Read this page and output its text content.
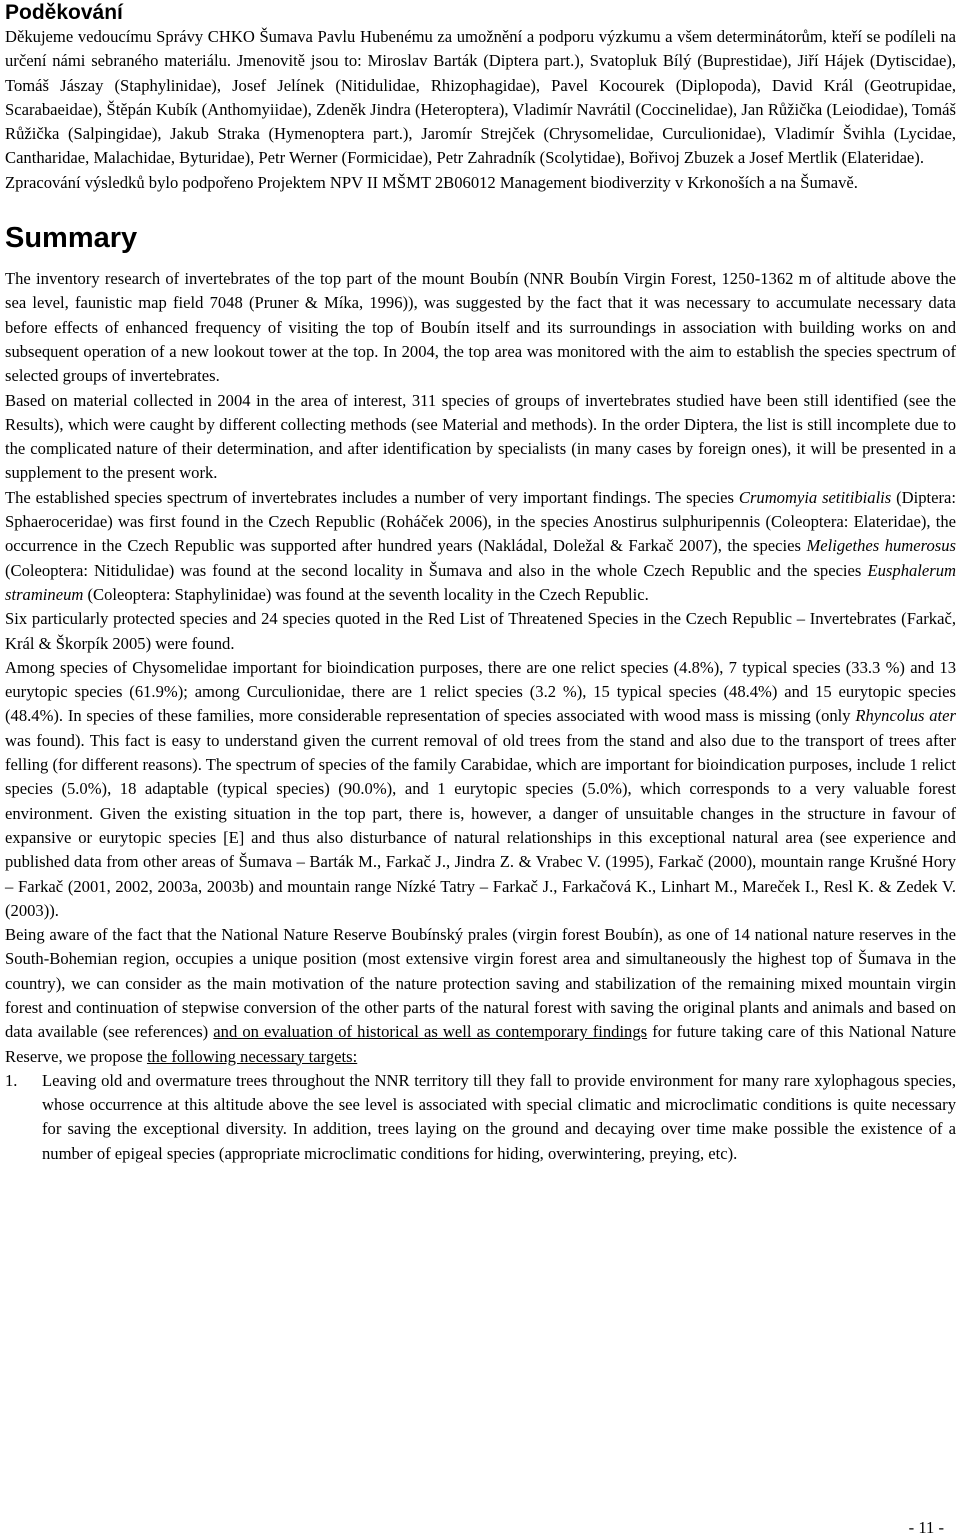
Poděkování

Děkujeme vedoucímu Správy CHKO Šumava Pavlu Hubenému za umožnění a podporu výzkumu a všem determinátorům, kteří se podíleli na určení námi sebraného materiálu. Jmenovitě jsou to: Miroslav Barták (Diptera part.), Svatopluk Bílý (Buprestidae), Jiří Hájek (Dytiscidae), Tomáš Jászay (Staphylinidae), Josef Jelínek (Nitidulidae, Rhizophagidae), Pavel Kocourek (Diplopoda), David Král (Geotrupidae, Scarabaeidae), Štěpán Kubík (Anthomyiidae), Zdeněk Jindra (Heteroptera), Vladimír Navrátil (Coccinelidae), Jan Růžička (Leiodidae), Tomáš Růžička (Salpingidae), Jakub Straka (Hymenoptera part.), Jaromír Strejček (Chrysomelidae, Curculionidae), Vladimír Švihla (Lycidae, Cantharidae, Malachidae, Byturidae), Petr Werner (Formicidae), Petr Zahradník (Scolytidae), Bořivoj Zbuzek a Josef Mertlik (Elateridae).

Zpracování výsledků bylo podpořeno Projektem NPV II MŠMT 2B06012 Management biodiverzity v Krkonoších a na Šumavě.

Summary

The inventory research of invertebrates of the top part of the mount Boubín (NNR Boubín Virgin Forest, 1250-1362 m of altitude above the sea level, faunistic map field 7048 (Pruner & Míka, 1996)), was suggested by the fact that it was necessary to accumulate necessary data before effects of enhanced frequency of visiting the top of Boubín itself and its surroundings in association with building works on and subsequent operation of a new lookout tower at the top. In 2004, the top area was monitored with the aim to establish the species spectrum of selected groups of invertebrates.

Based on material collected in 2004 in the area of interest, 311 species of groups of invertebrates studied have been still identified (see the Results), which were caught by different collecting methods (see Material and methods). In the order Diptera, the list is still incomplete due to the complicated nature of their determination, and after identification by specialists (in many cases by foreign ones), it will be presented in a supplement to the present work.

The established species spectrum of invertebrates includes a number of very important findings. The species Crumomyia setitibialis (Diptera: Sphaeroceridae) was first found in the Czech Republic (Roháček 2006), in the species Anostirus sulphuripennis (Coleoptera: Elateridae), the occurrence in the Czech Republic was supported after hundred years (Nakládal, Doležal & Farkač 2007), the species Meligethes humerosus (Coleoptera: Nitidulidae) was found at the second locality in Šumava and also in the whole Czech Republic and the species Eusphalerum stramineum (Coleoptera: Staphylinidae) was found at the seventh locality in the Czech Republic.

Six particularly protected species and 24 species quoted in the Red List of Threatened Species in the Czech Republic – Invertebrates (Farkač, Král & Škorpík 2005) were found.

Among species of Chysomelidae important for bioindication purposes, there are one relict species (4.8%), 7 typical species (33.3 %) and 13 eurytopic species (61.9%); among Curculionidae, there are 1 relict species (3.2 %), 15 typical species (48.4%) and 15 eurytopic species (48.4%). In species of these families, more considerable representation of species associated with wood mass is missing (only Rhyncolus ater was found). This fact is easy to understand given the current removal of old trees from the stand and also due to the transport of trees after felling (for different reasons). The spectrum of species of the family Carabidae, which are important for bioindication purposes, include 1 relict species (5.0%), 18 adaptable (typical species) (90.0%), and 1 eurytopic species (5.0%), which corresponds to a very valuable forest environment. Given the existing situation in the top part, there is, however, a danger of unsuitable changes in the structure in favour of expansive or eurytopic species [E] and thus also disturbance of natural relationships in this exceptional natural area (see experience and published data from other areas of Šumava – Barták M., Farkač J., Jindra Z. & Vrabec V. (1995), Farkač (2000), mountain range Krušné Hory – Farkač (2001, 2002, 2003a, 2003b) and mountain range Nízké Tatry – Farkač J., Farkačová K., Linhart M., Mareček I., Resl K. & Zedek V. (2003)).

Being aware of the fact that the National Nature Reserve Boubínský prales (virgin forest Boubín), as one of 14 national nature reserves in the South-Bohemian region, occupies a unique position (most extensive virgin forest area and simultaneously the highest top of Šumava in the country), we can consider as the main motivation of the nature protection saving and stabilization of the remaining mixed mountain virgin forest and continuation of stepwise conversion of the other parts of the natural forest with saving the original plants and animals and based on data available (see references) and on evaluation of historical as well as contemporary findings for future taking care of this National Nature Reserve, we propose the following necessary targets:

1. Leaving old and overmature trees throughout the NNR territory till they fall to provide environment for many rare xylophagous species, whose occurrence at this altitude above the see level is associated with special climatic and microclimatic conditions is quite necessary for saving the exceptional diversity. In addition, trees laying on the ground and decaying over time make possible the existence of a number of epigeal species (appropriate microclimatic conditions for hiding, overwintering, preying, etc).
- 11 -
